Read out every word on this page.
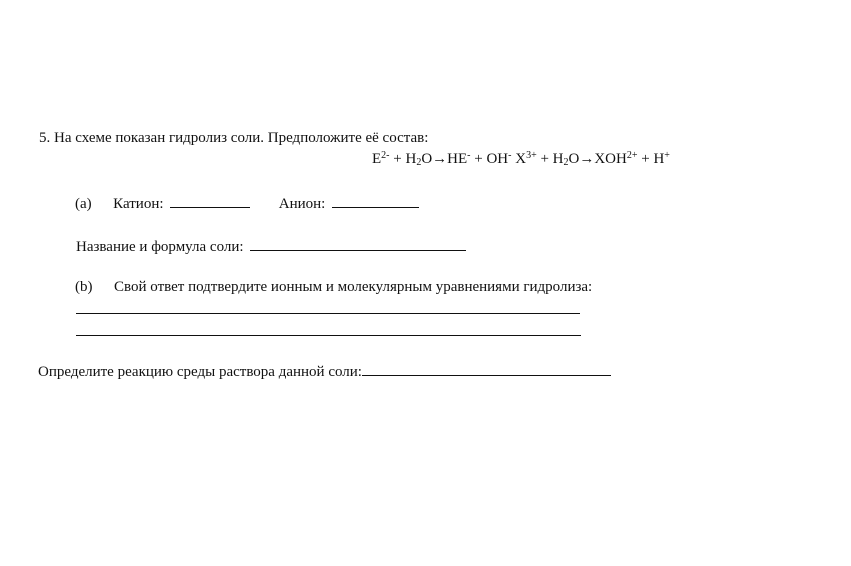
5. На схеме показан гидролиз соли. Предположите её состав:
$E^{2-} + H_2O\to HE^- + OH^-$ $X^{3+} + H_2O\to XOH^{2+} + H^+$
(a) Катион:	Анион:
Название и формула соли:
(b) Свой ответ подтвердите ионным и молекулярным уравнениями гидролиза:
Определите реакцию среды раствора данной соли:
